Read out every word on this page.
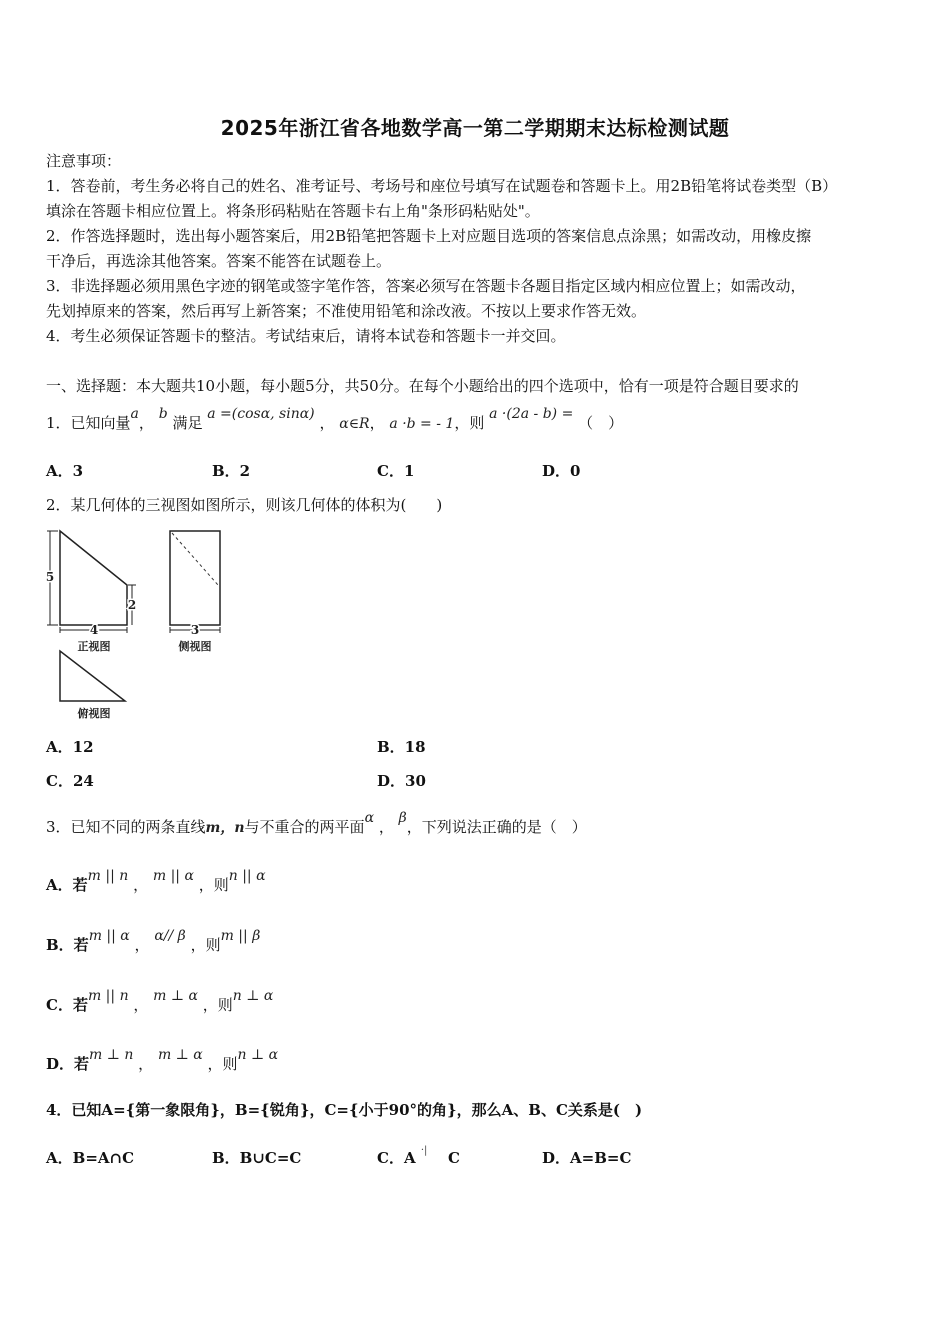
2025年浙江省各地数学高一第二学期期末达标检测试题
注意事项：
1．答卷前，考生务必将自己的姓名、准考证号、考场号和座位号填写在试题卷和答题卡上。用2B铅笔将试卷类型（B）
填涂在答题卡相应位置上。将条形码粘贴在答题卡右上角"条形码粘贴处"。
2．作答选择题时，选出每小题答案后，用2B铅笔把答题卡上对应题目选项的答案信息点涂黑；如需改动，用橡皮擦
干净后，再选涂其他答案。答案不能答在试题卷上。
3．非选择题必须用黑色字迹的钢笔或签字笔作答，答案必须写在答题卡各题目指定区域内相应位置上；如需改动，
先划掉原来的答案，然后再写上新答案；不准使用铅笔和涂改液。不按以上要求作答无效。
4．考生必须保证答题卡的整洁。考试结束后，请将本试卷和答题卡一并交回。
一、选择题：本大题共10小题，每小题5分，共50分。在每个小题给出的四个选项中，恰有一项是符合题目要求的
1．已知向量a， b 满足 a =(cosα, sinα) ， α∈R， a ·b = - 1，则 a ·(2a - b) = （　）
A．3	B．2	C．1	D．0
2．某几何体的三视图如图所示，则该几何体的体积为(　　)
5
2
4
正视图
3
侧视图
俯视图
A．12	B．18
C．24	D．30
3．已知不同的两条直线m，n与不重合的两平面α ， β，下列说法正确的是（　）
A．若m || n ， m || α ，则n || α
B．若m || α ， α// β ，则m || β
C．若m || n ， m ⊥ α ，则n ⊥ α
D．若m ⊥ n ， m ⊥ α ，则n ⊥ α
4．已知A={第一象限角}，B={锐角}，C={小于90°的角}，那么A、B、C关系是(　)
A．B=A∩C	B．B∪C=C	C．A ·| C	D．A=B=C
